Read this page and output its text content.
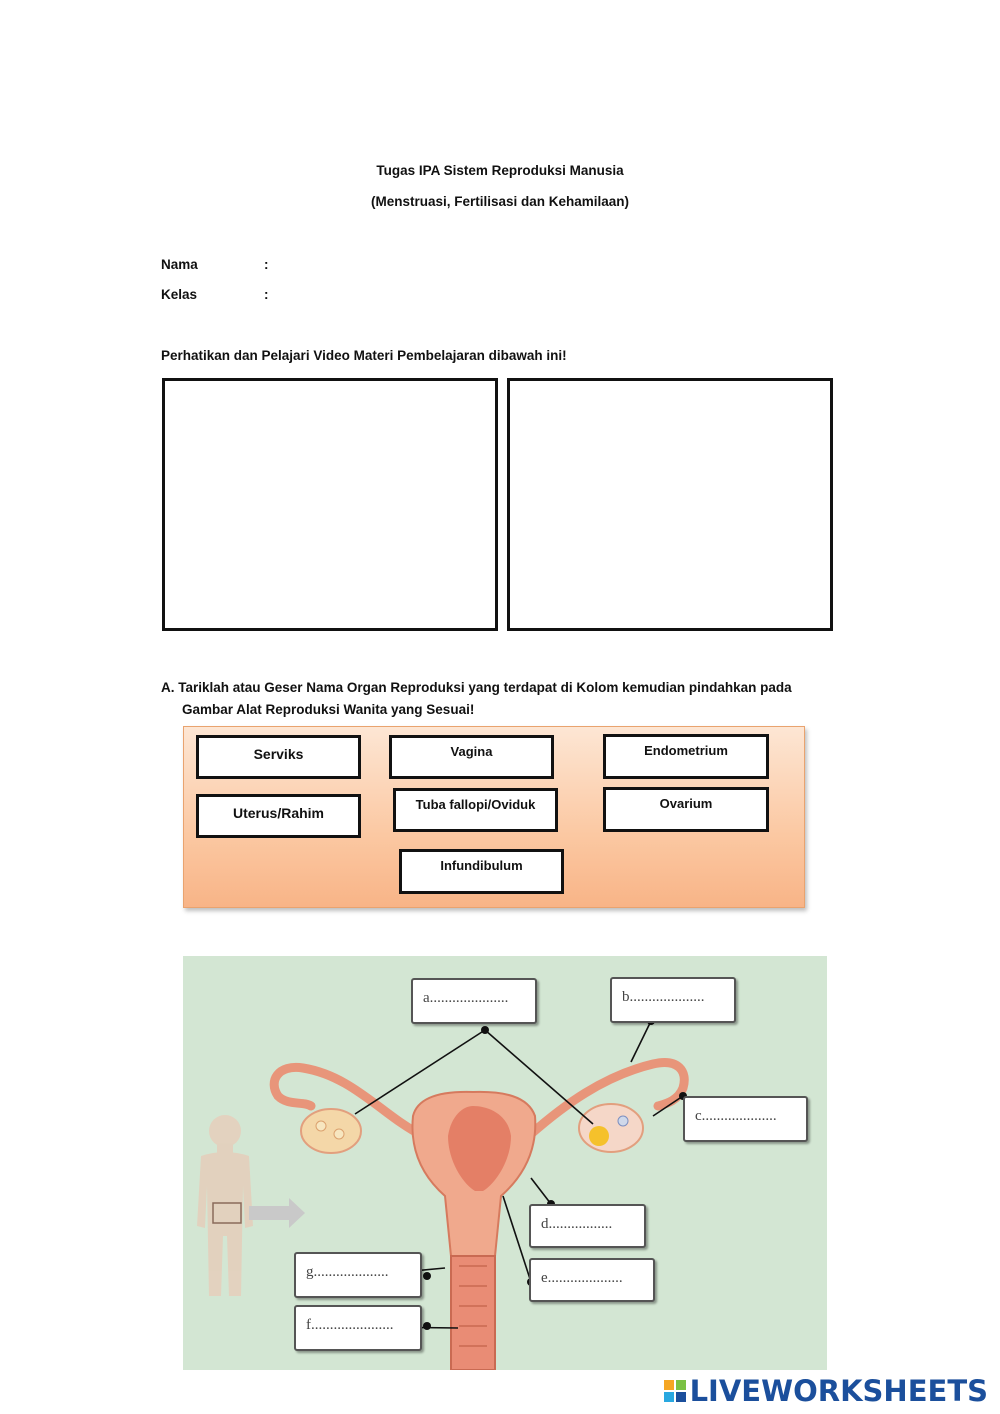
Tugas IPA Sistem Reproduksi Manusia
(Menstruasi, Fertilisasi dan Kehamilaan)
Nama	:
Kelas	:
Perhatikan dan Pelajari Video Materi Pembelajaran dibawah ini!
A. Tariklah atau Geser Nama Organ Reproduksi yang terdapat di Kolom kemudian pindahkan pada
Gambar Alat Reproduksi Wanita yang Sesuai!
Serviks	Vagina	Endometrium
Uterus/Rahim
Tuba fallopi/Oviduk	Ovarium
Infundibulum
a.....................	b....................
c....................
d.................
e....................
g....................
f......................
LIVEWORKSHEETS
